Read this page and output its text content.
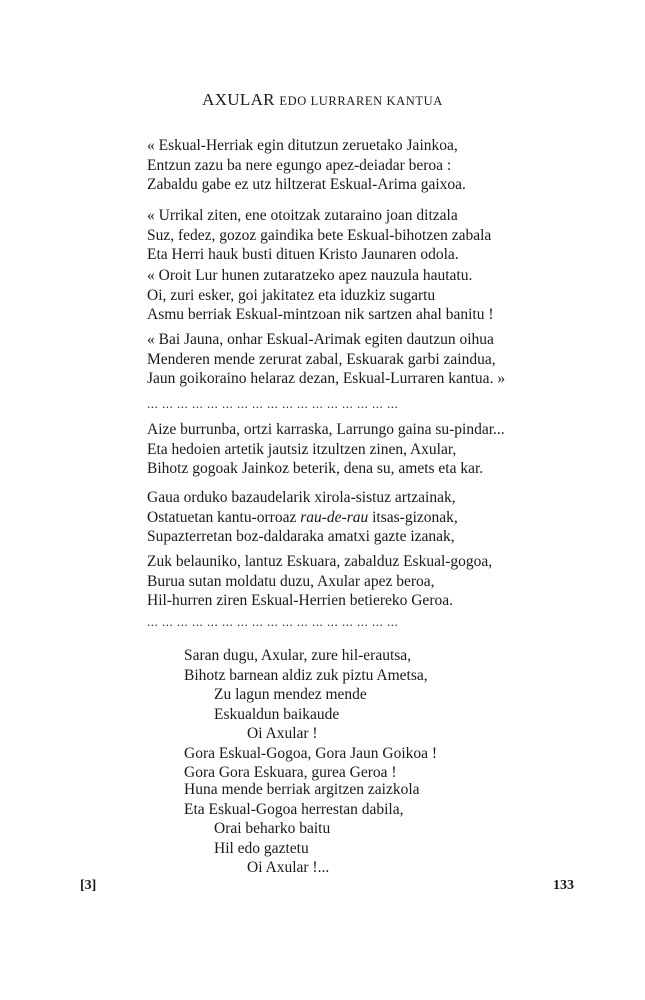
AXULAR EDO LURRAREN KANTUA
« Eskual-Herriak egin ditutzun zeruetako Jainkoa,
Entzun zazu ba nere egungo apez-deiadar beroa :
Zabaldu gabe ez utz hiltzerat Eskual-Arima gaixoa.
« Urrikal ziten, ene otoitzak zutaraino joan ditzala
Suz, fedez, gozoz gaindika bete Eskual-bihotzen zabala
Eta Herri hauk busti dituen Kristo Jaunaren odola.
« Oroit Lur hunen zutaratzeko apez nauzula hautatu.
Oi, zuri esker, goi jakitatez eta iduzkiz sugartu
Asmu berriak Eskual-mintzoan nik sartzen ahal banitu !
« Bai Jauna, onhar Eskual-Arimak egiten dautzun oihua
Menderen mende zerurat zabal, Eskuarak garbi zaindua,
Jaun goikoraino helaraz dezan, Eskual-Lurraren kantua. »
... ... ... ... ... ... ... ... ... ... ... ... ... ... ... ... ...
Aize burrunba, ortzi karraska, Larrungo gaina su-pindar...
Eta hedoien artetik jautsiz itzultzen zinen, Axular,
Bihotz gogoak Jainkoz beterik, dena su, amets eta kar.
Gaua orduko bazaudelarik xirola-sistuz artzainak,
Ostatuetan kantu-orroaz rau-de-rau itsas-gizonak,
Supazterretan boz-daldaraka amatxi gazte izanak,
Zuk belauniko, lantuz Eskuara, zabalduz Eskual-gogoa,
Burua sutan moldatu duzu, Axular apez beroa,
Hil-hurren ziren Eskual-Herrien betiereko Geroa.
... ... ... ... ... ... ... ... ... ... ... ... ... ... ... ... ...
Saran dugu, Axular, zure hil-erautsa,
Bihotz barnean aldiz zuk piztu Ametsa,
Zu lagun mendez mende
Eskualdun baikaude
Oi Axular !
Gora Eskual-Gogoa, Gora Jaun Goikoa !
Gora Gora Eskuara, gurea Geroa !
Huna mende berriak argitzen zaizkola
Eta Eskual-Gogoa herrestan dabila,
Orai beharko baitu
Hil edo gaztetu
Oi Axular !...
[3]	133
